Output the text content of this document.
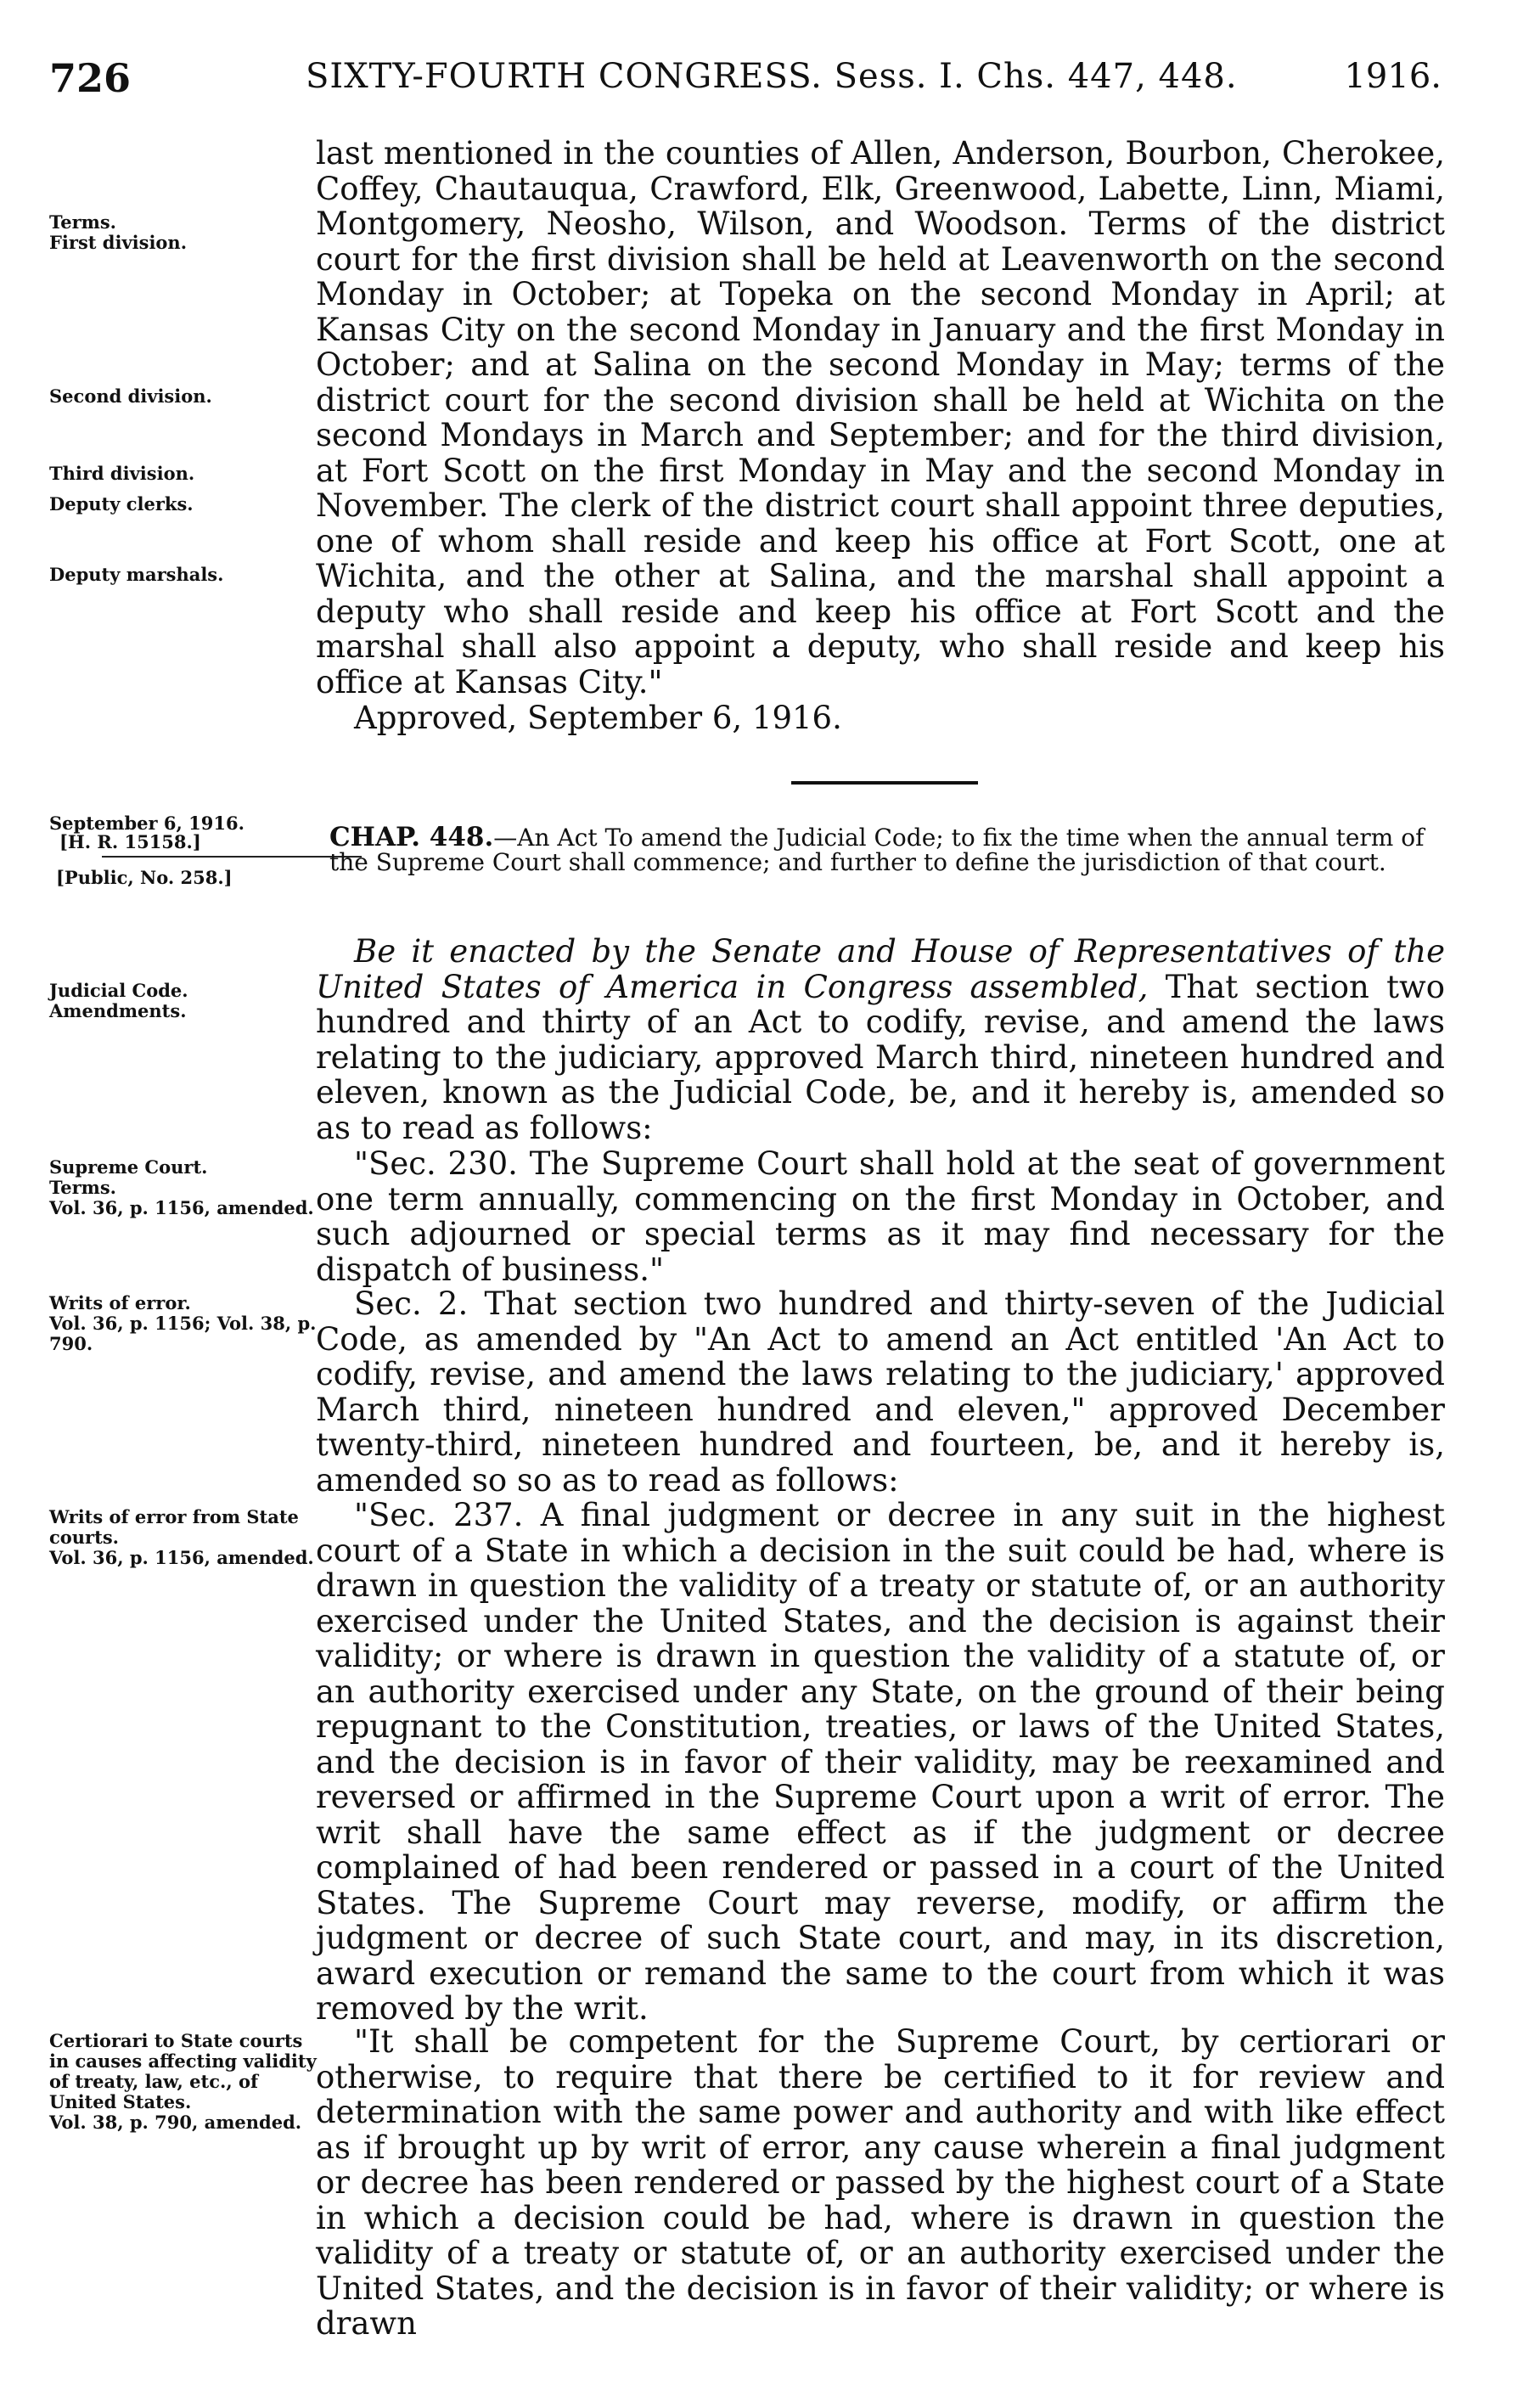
726	SIXTY-FOURTH CONGRESS. Sess. I. Chs. 447, 448.	1916.
Terms.
First division.
Second division.
Third division.
Deputy clerks.
Deputy marshals.
September 6, 1916.
[H. R. 15158.]
[Public, No. 258.]
Judicial Code.
Amendments.
Supreme Court.
Terms.
Vol. 36, p. 1156, amended.
Writs of error.
Vol. 36, p. 1156; Vol. 38, p. 790.
Writs of error from State courts.
Vol. 36, p. 1156, amended.
Certiorari to State courts in causes affecting validity of treaty, law, etc., of United States.
Vol. 38, p. 790, amended.
last mentioned in the counties of Allen, Anderson, Bourbon, Cherokee, Coffey, Chautauqua, Crawford, Elk, Greenwood, Labette, Linn, Miami, Montgomery, Neosho, Wilson, and Woodson. Terms of the district court for the first division shall be held at Leavenworth on the second Monday in October; at Topeka on the second Monday in April; at Kansas City on the second Monday in January and the first Monday in October; and at Salina on the second Monday in May; terms of the district court for the second division shall be held at Wichita on the second Mondays in March and September; and for the third division, at Fort Scott on the first Monday in May and the second Monday in November. The clerk of the district court shall appoint three deputies, one of whom shall reside and keep his office at Fort Scott, one at Wichita, and the other at Salina, and the marshal shall appoint a deputy who shall reside and keep his office at Fort Scott and the marshal shall also appoint a deputy, who shall reside and keep his office at Kansas City."
Approved, September 6, 1916.
CHAP. 448.—An Act To amend the Judicial Code; to fix the time when the annual term of the Supreme Court shall commence; and further to define the jurisdiction of that court.
Be it enacted by the Senate and House of Representatives of the United States of America in Congress assembled, That section two hundred and thirty of an Act to codify, revise, and amend the laws relating to the judiciary, approved March third, nineteen hundred and eleven, known as the Judicial Code, be, and it hereby is, amended so as to read as follows:
"Sec. 230. The Supreme Court shall hold at the seat of government one term annually, commencing on the first Monday in October, and such adjourned or special terms as it may find necessary for the dispatch of business."
Sec. 2. That section two hundred and thirty-seven of the Judicial Code, as amended by "An Act to amend an Act entitled 'An Act to codify, revise, and amend the laws relating to the judiciary,' approved March third, nineteen hundred and eleven," approved December twenty-third, nineteen hundred and fourteen, be, and it hereby is, amended so so as to read as follows:
"Sec. 237. A final judgment or decree in any suit in the highest court of a State in which a decision in the suit could be had, where is drawn in question the validity of a treaty or statute of, or an authority exercised under the United States, and the decision is against their validity; or where is drawn in question the validity of a statute of, or an authority exercised under any State, on the ground of their being repugnant to the Constitution, treaties, or laws of the United States, and the decision is in favor of their validity, may be reexamined and reversed or affirmed in the Supreme Court upon a writ of error. The writ shall have the same effect as if the judgment or decree complained of had been rendered or passed in a court of the United States. The Supreme Court may reverse, modify, or affirm the judgment or decree of such State court, and may, in its discretion, award execution or remand the same to the court from which it was removed by the writ.
"It shall be competent for the Supreme Court, by certiorari or otherwise, to require that there be certified to it for review and determination with the same power and authority and with like effect as if brought up by writ of error, any cause wherein a final judgment or decree has been rendered or passed by the highest court of a State in which a decision could be had, where is drawn in question the validity of a treaty or statute of, or an authority exercised under the United States, and the decision is in favor of their validity; or where is drawn
